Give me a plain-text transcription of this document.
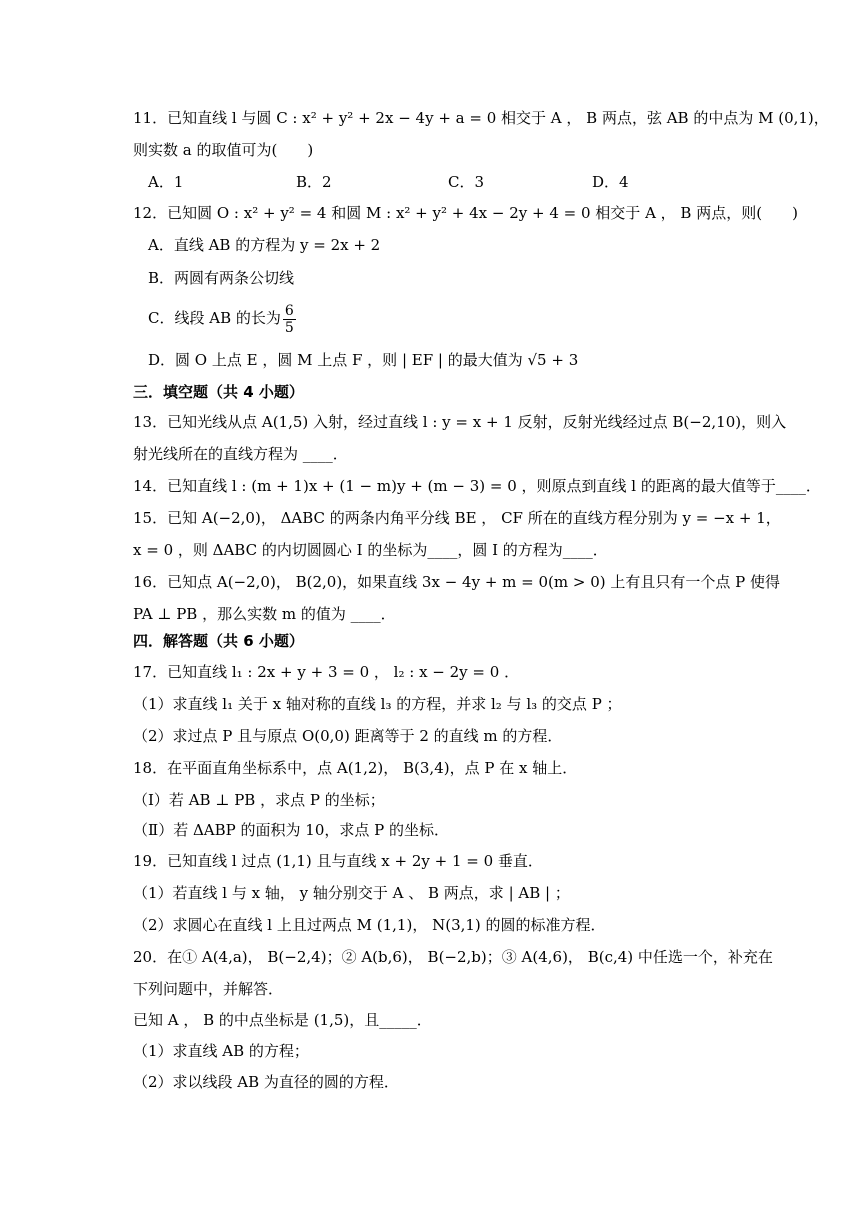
11．已知直线 l 与圆 C : x² + y² + 2x − 4y + a = 0 相交于 A ， B 两点，弦 AB 的中点为 M (0,1)，
则实数 a 的取值可为(　　)
A．1	B．2	C．3	D．4
12．已知圆 O : x² + y² = 4 和圆 M : x² + y² + 4x − 2y + 4 = 0 相交于 A ， B 两点，则(　　)
A．直线 AB 的方程为 y = 2x + 2
B．两圆有两条公切线
C．线段 AB 的长为 $\frac{6}{5}$
D．圆 O 上点 E ，圆 M 上点 F ，则 | EF | 的最大值为 √5 + 3
三．填空题（共 4 小题）
13．已知光线从点 A(1,5) 入射，经过直线 l : y = x + 1 反射，反射光线经过点 B(−2,10)，则入
射光线所在的直线方程为 ____．
14．已知直线 l : (m + 1)x + (1 − m)y + (m − 3) = 0 ，则原点到直线 l 的距离的最大值等于____．
15．已知 A(−2,0)， ΔABC 的两条内角平分线 BE ， CF 所在的直线方程分别为 y = −x + 1，
x = 0 ，则 ΔABC 的内切圆圆心 I 的坐标为____，圆 I 的方程为____．
16．已知点 A(−2,0)， B(2,0)，如果直线 3x − 4y + m = 0(m > 0) 上有且只有一个点 P 使得
PA ⊥ PB ，那么实数 m 的值为 ____．
四．解答题（共 6 小题）
17．已知直线 l₁ : 2x + y + 3 = 0 ， l₂ : x − 2y = 0 ．
（1）求直线 l₁ 关于 x 轴对称的直线 l₃ 的方程，并求 l₂ 与 l₃ 的交点 P ；
（2）求过点 P 且与原点 O(0,0) 距离等于 2 的直线 m 的方程．
18．在平面直角坐标系中，点 A(1,2)， B(3,4)，点 P 在 x 轴上．
（Ⅰ）若 AB ⊥ PB ，求点 P 的坐标；
（Ⅱ）若 ΔABP 的面积为 10，求点 P 的坐标．
19．已知直线 l 过点 (1,1) 且与直线 x + 2y + 1 = 0 垂直．
（1）若直线 l 与 x 轴， y 轴分别交于 A 、 B 两点，求 | AB | ；
（2）求圆心在直线 l 上且过两点 M (1,1)， N(3,1) 的圆的标准方程．
20．在① A(4,a)， B(−2,4)；② A(b,6)， B(−2,b)；③ A(4,6)， B(c,4) 中任选一个，补充在
下列问题中，并解答．
已知 A ， B 的中点坐标是 (1,5)，且_____．
（1）求直线 AB 的方程；
（2）求以线段 AB 为直径的圆的方程．
